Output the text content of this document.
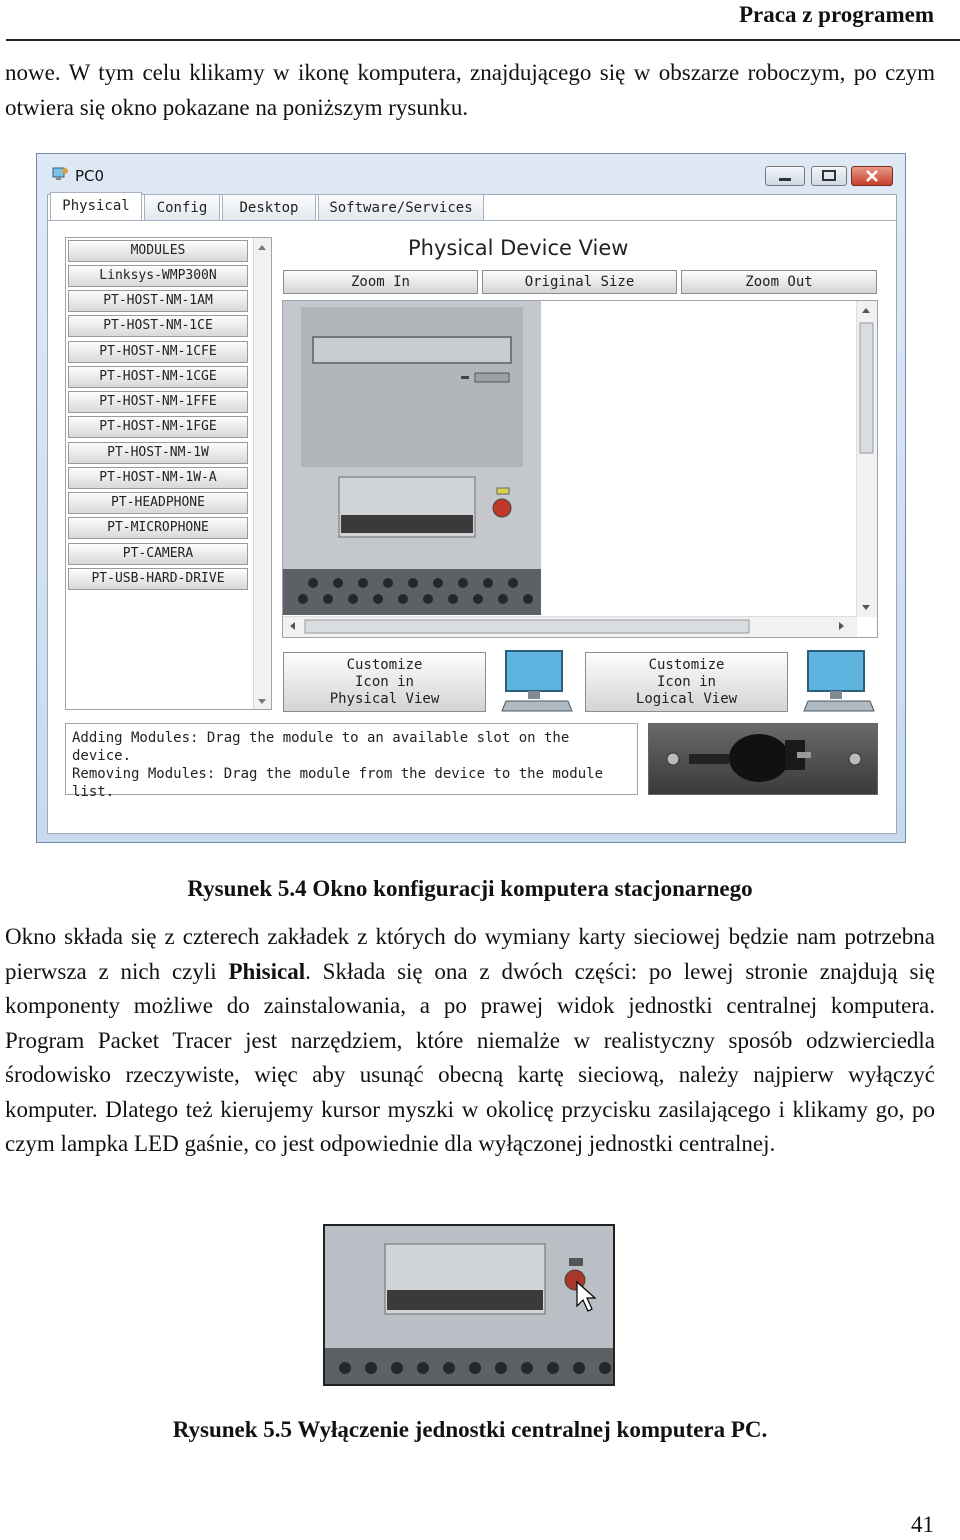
Praca z programem
nowe. W tym celu klikamy w ikonę komputera, znajdującego się w obszarze roboczym, po czym otwiera się okno pokazane na poniższym rysunku.
PC0
Physical	Config	Desktop	Software/Services
MODULES
Linksys-WMP300N
PT-HOST-NM-1AM
PT-HOST-NM-1CE
PT-HOST-NM-1CFE
PT-HOST-NM-1CGE
PT-HOST-NM-1FFE
PT-HOST-NM-1FGE
PT-HOST-NM-1W
PT-HOST-NM-1W-A
PT-HEADPHONE
PT-MICROPHONE
PT-CAMERA
PT-USB-HARD-DRIVE
Physical Device View
Zoom In	Original Size	Zoom Out
Customize
Icon in
Physical View
Customize
Icon in
Logical View
Adding Modules: Drag the module to an available slot on the device.
Removing Modules: Drag the module from the device to the module list.
Rysunek 5.4 Okno konfiguracji komputera stacjonarnego
Okno składa się z czterech zakładek z których do wymiany karty sieciowej będzie nam potrzebna pierwsza z nich czyli Phisical. Składa się ona z dwóch części: po lewej stronie znajdują się komponenty możliwe do zainstalowania, a po prawej widok jednostki centralnej komputera. Program Packet Tracer jest narzędziem, które niemalże w realistyczny sposób odzwierciedla środowisko rzeczywiste, więc aby usunąć obecną kartę sieciową, należy najpierw wyłączyć komputer. Dlatego też kierujemy kursor myszki w okolicę przycisku zasilającego i klikamy go, po czym lampka LED gaśnie, co jest odpowiednie dla wyłączonej jednostki centralnej.
Rysunek 5.5 Wyłączenie jednostki centralnej komputera PC.
41
